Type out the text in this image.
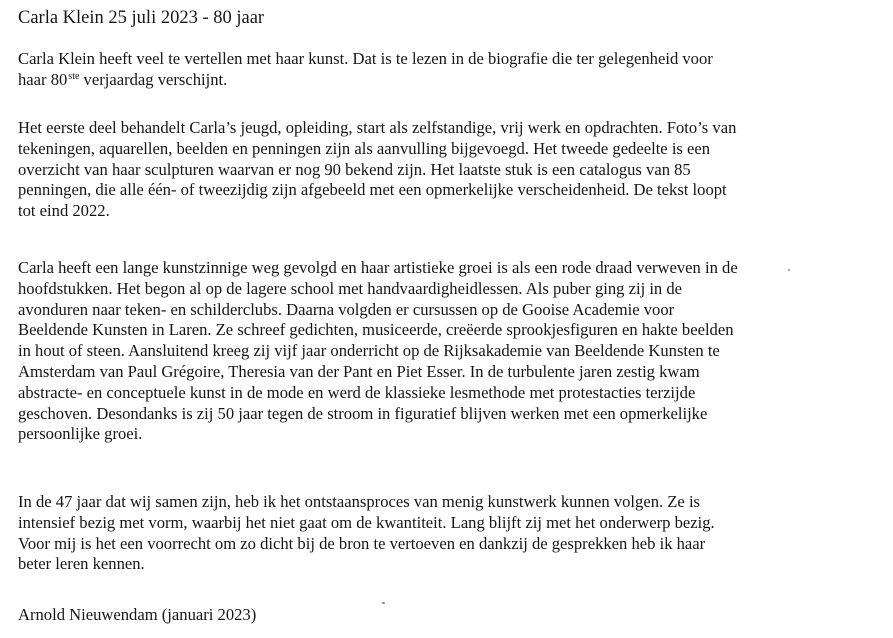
Carla Klein 25 juli 2023 - 80 jaar

Carla Klein heeft veel te vertellen met haar kunst. Dat is te lezen in de biografie die ter gelegenheid voor
haar 80ste verjaardag verschijnt.

Het eerste deel behandelt Carla’s jeugd, opleiding, start als zelfstandige, vrij werk en opdrachten. Foto’s van
tekeningen, aquarellen, beelden en penningen zijn als aanvulling bijgevoegd. Het tweede gedeelte is een
overzicht van haar sculpturen waarvan er nog 90 bekend zijn. Het laatste stuk is een catalogus van 85
penningen, die alle één- of tweezijdig zijn afgebeeld met een opmerkelijke verscheidenheid. De tekst loopt
tot eind 2022.

Carla heeft een lange kunstzinnige weg gevolgd en haar artistieke groei is als een rode draad verweven in de
hoofdstukken. Het begon al op de lagere school met handvaardigheidlessen. Als puber ging zij in de
avonduren naar teken- en schilderclubs. Daarna volgden er cursussen op de Gooise Academie voor
Beeldende Kunsten in Laren. Ze schreef gedichten, musiceerde, creëerde sprookjesfiguren en hakte beelden
in hout of steen. Aansluitend kreeg zij vijf jaar onderricht op de Rijksakademie van Beeldende Kunsten te
Amsterdam van Paul Grégoire, Theresia van der Pant en Piet Esser. In de turbulente jaren zestig kwam
abstracte- en conceptuele kunst in de mode en werd de klassieke lesmethode met protestacties terzijde
geschoven. Desondanks is zij 50 jaar tegen de stroom in figuratief blijven werken met een opmerkelijke
persoonlijke groei.

In de 47 jaar dat wij samen zijn, heb ik het ontstaansproces van menig kunstwerk kunnen volgen. Ze is
intensief bezig met vorm, waarbij het niet gaat om de kwantiteit. Lang blijft zij met het onderwerp bezig.
Voor mij is het een voorrecht om zo dicht bij de bron te vertoeven en dankzij de gesprekken heb ik haar
beter leren kennen.

Arnold Nieuwendam (januari 2023)
